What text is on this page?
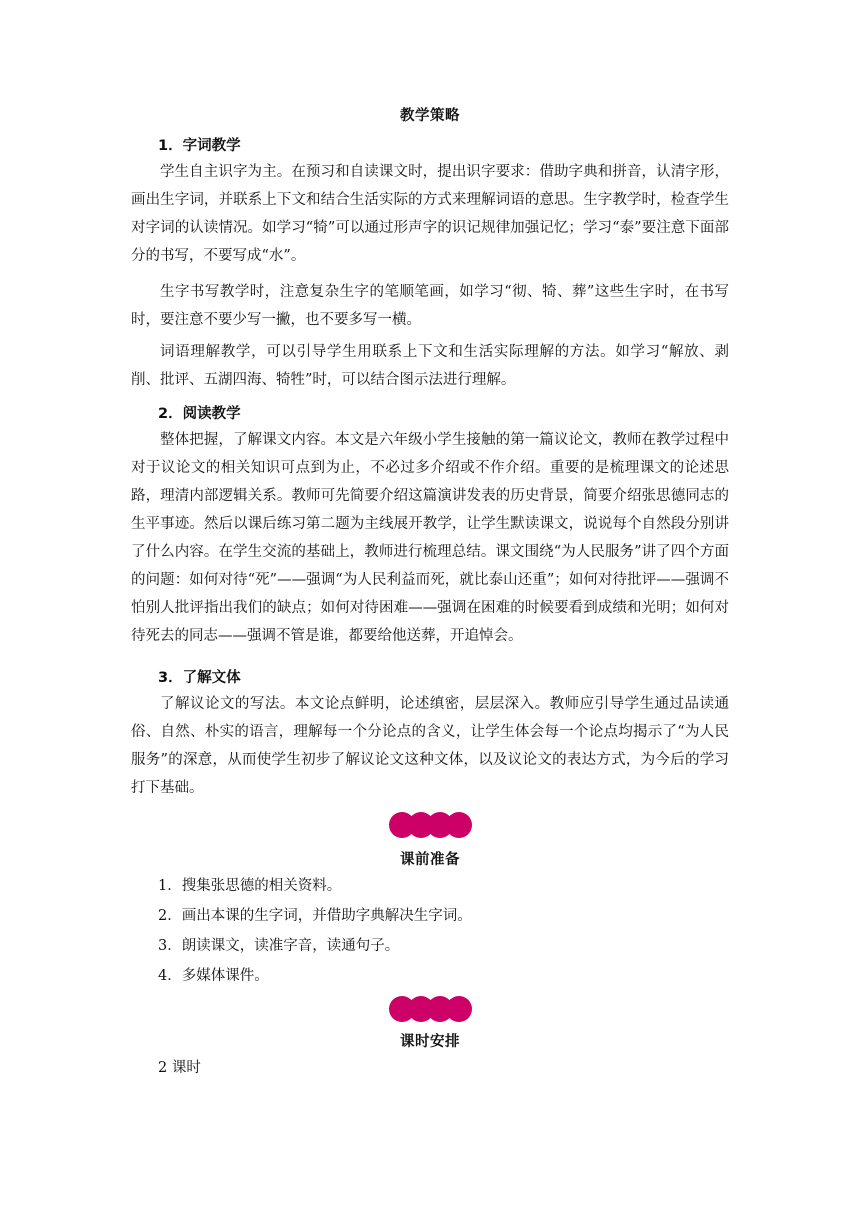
教学策略
1．字词教学

学生自主识字为主。在预习和自读课文时，提出识字要求：借助字典和拼音，认清字形，画出生字词，并联系上下文和结合生活实际的方式来理解词语的意思。生字教学时，检查学生对字词的认读情况。如学习“犄”可以通过形声字的识记规律加强记忆；学习“泰”要注意下面部分的书写，不要写成“水”。

生字书写教学时，注意复杂生字的笔顺笔画，如学习“彻、犄、葬”这些生字时，在书写时，要注意不要少写一撇，也不要多写一横。

词语理解教学，可以引导学生用联系上下文和生活实际理解的方法。如学习“解放、剥削、批评、五湖四海、犄牲”时，可以结合图示法进行理解。

2．阅读教学

整体把握，了解课文内容。本文是六年级小学生接触的第一篇议论文，教师在教学过程中对于议论文的相关知识可点到为止，不必过多介绍或不作介绍。重要的是梳理课文的论述思路，理清内部逻辑关系。教师可先简要介绍这篇演讲发表的历史背景，简要介绍张思德同志的生平事迹。然后以课后练习第二题为主线展开教学，让学生默读课文，说说每个自然段分别讲了什么内容。在学生交流的基础上，教师进行梳理总结。课文围绕“为人民服务”讲了四个方面的问题：如何对待“死”——强调“为人民利益而死，就比泰山还重”；如何对待批评——强调不怕别人批评指出我们的缺点；如何对待困难——强调在困难的时候要看到成绩和光明；如何对待死去的同志——强调不管是谁，都要给他送葬，开追悼会。

3．了解文体

了解议论文的写法。本文论点鲜明，论述缜密，层层深入。教师应引导学生通过品读通俗、自然、朴实的语言，理解每一个分论点的含义，让学生体会每一个论点均揭示了“为人民服务”的深意，从而使学生初步了解议论文这种文体，以及议论文的表达方式，为今后的学习打下基础。

课前准备
1．搜集张思德的相关资料。
2．画出本课的生字词，并借助字典解决生字词。
3．朗读课文，读准字音，读通句子。
4．多媒体课件。
课时安排
2 课时
